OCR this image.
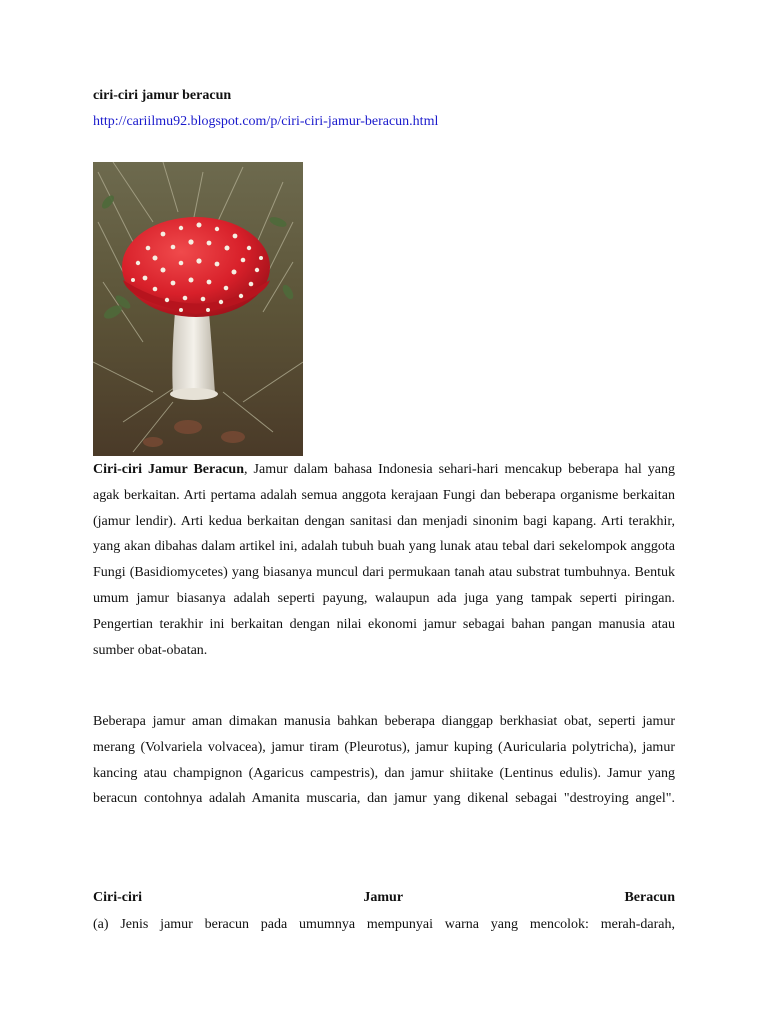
ciri-ciri jamur beracun
http://cariilmu92.blogspot.com/p/ciri-ciri-jamur-beracun.html

Ciri-ciri Jamur Beracun, Jamur dalam bahasa Indonesia sehari-hari mencakup beberapa hal yang agak berkaitan. Arti pertama adalah semua anggota kerajaan Fungi dan beberapa organisme berkaitan (jamur lendir). Arti kedua berkaitan dengan sanitasi dan menjadi sinonim bagi kapang. Arti terakhir, yang akan dibahas dalam artikel ini, adalah tubuh buah yang lunak atau tebal dari sekelompok anggota Fungi (Basidiomycetes) yang biasanya muncul dari permukaan tanah atau substrat tumbuhnya. Bentuk umum jamur biasanya adalah seperti payung, walaupun ada juga yang tampak seperti piringan. Pengertian terakhir ini berkaitan dengan nilai ekonomi jamur sebagai bahan pangan manusia atau sumber obat-obatan.

Beberapa jamur aman dimakan manusia bahkan beberapa dianggap berkhasiat obat, seperti jamur merang (Volvariela volvacea), jamur tiram (Pleurotus), jamur kuping (Auricularia polytricha), jamur kancing atau champignon (Agaricus campestris), dan jamur shiitake (Lentinus edulis). Jamur yang beracun contohnya adalah Amanita muscaria, dan jamur yang dikenal sebagai "destroying angel".

Ciri-ciri	Jamur	Beracun

(a) Jenis jamur beracun pada umumnya mempunyai warna yang mencolok: merah-darah,
